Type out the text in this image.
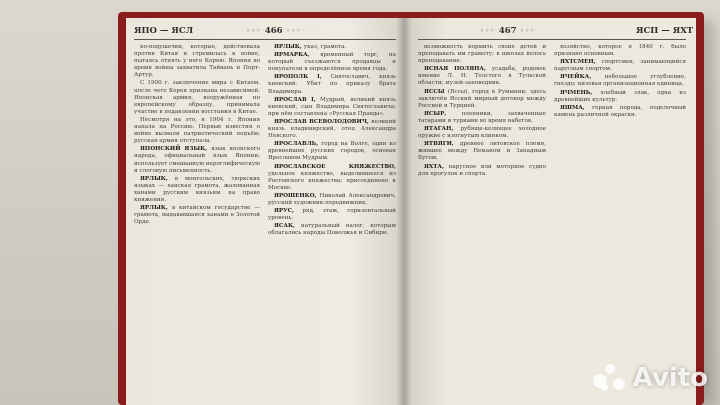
ЯПО — ЯСЛ	◦◦◦ 466 ◦◦◦

ко-подушечки, которые, действовала против Китая и стремилась к войне, пытаясь отнять у него Корею. Япония во время войны захватила Тайвань и Порт-Артур.

С 1900 г. заключение мира с Китаем, после чего Корея признана независимой. Японская армия, вооружённая по европейскому образцу, принимала участие в подавлении восстания в Китае.

Несмотря на это, в 1904 г. Япония напала на Россию. Первые известия о войне вызвали патриотический подъём; русская армия отступала.

ЯПОНСКИЙ ЯЗЫК, язык японского народа, официальный язык Японии; использует смешанную иероглифическую и слоговую письменность.

ЯРЛЫК, в монгольских, тюркских языках — ханская грамота, жалованная ханами русским князьям на право княжения.

ЯРЛЫК, в китайском государстве — грамота, выдававшаяся ханами в Золотой Орде.

ЯРЛЫК, указ, грамота.

ЯРМАРКА, временный торг, на который съезжаются продавцы и покупатели в определённое время года.

ЯРОПОЛК I, Святославич, князь киевский. Убит по приказу брата Владимира.

ЯРОСЛАВ I, Мудрый, великий князь киевский, сын Владимира Святославича; при нём составлена «Русская Правда».

ЯРОСЛАВ ВСЕВОЛОДОВИЧ, великий князь владимирский, отец Александра Невского.

ЯРОСЛАВЛЬ, город на Волге, один из древнейших русских городов, основан Ярославом Мудрым.

ЯРОСЛАВСКОЕ КНЯЖЕСТВО, удельное княжество, выделившееся из Ростовского княжества; присоединено к Москве.

ЯРОШЕНКО, Николай Александрович, русский художник-передвижник.

ЯРУС, ряд, этаж, горизонтальный уровень.

ЯСАК, натуральный налог, которым облагались народы Поволжья и Сибири.

◦◦◦ 467 ◦◦◦	ЯСП — ЯХТ

возможность кормить своих детей и преподавать им грамоту; в школах велось преподавание.

ЯСНАЯ ПОЛЯНА, усадьба, родовое имение Л. Н. Толстого в Тульской области; музей-заповедник.

ЯССЫ (Яссы), город в Румынии; здесь заключён Ясский мирный договор между Россией и Турцией.

ЯСЫР, пленники, захваченные татарами и турками во время набегов.

ЯТАГАН, рубяще-колющее холодное оружие с изогнутым клинком.

ЯТВЯГИ, древнее литовское племя, жившее между Неманом и Западным Бугом.

ЯХТА, парусное или моторное судно для прогулок и спорта.

хозяйство, которое в 1840 г. было признано основным.

ЯХТСМЕН, спортсмен, занимающийся парусным спортом.

ЯЧЕЙКА, небольшое углубление, гнездо; низовая организационная единица.

ЯЧМЕНЬ, хлебный злак, одна из древнейших культур.

ЯШМА, горная порода, поделочный камень различной окраски.

Avito
